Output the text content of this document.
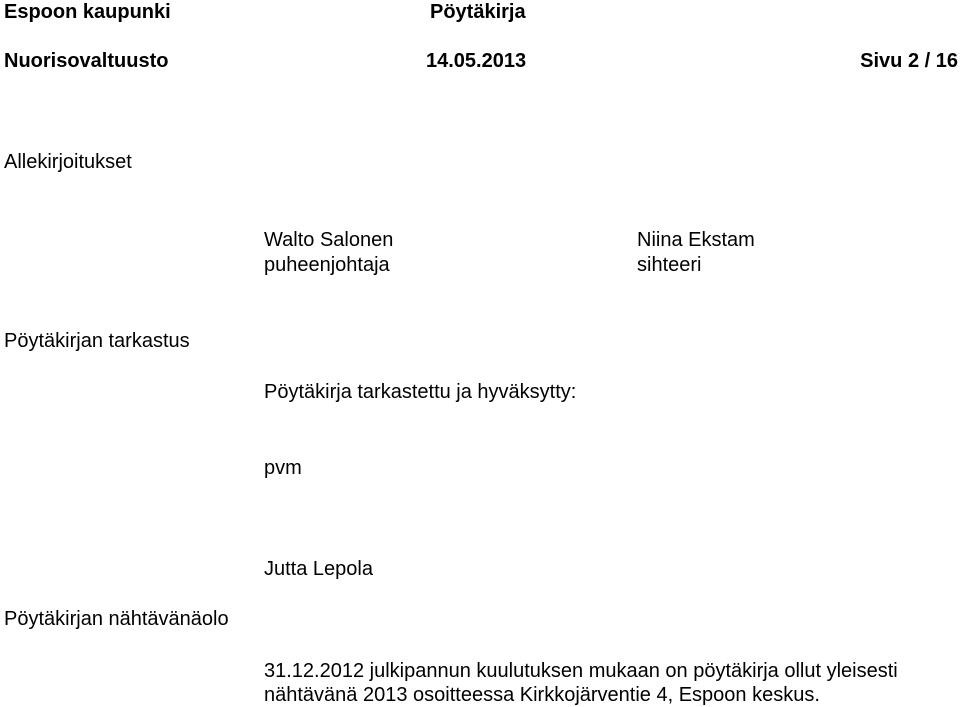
Espoon kaupunki	Pöytäkirja
Nuorisovaltuusto	14.05.2013	Sivu 2 / 16
Allekirjoitukset
Walto Salonen
puheenjohtaja
Niina Ekstam
sihteeri
Pöytäkirjan tarkastus
Pöytäkirja tarkastettu ja hyväksytty:
pvm
Jutta Lepola
Pöytäkirjan nähtävänäolo
31.12.2012 julkipannun kuulutuksen mukaan on pöytäkirja ollut yleisesti
nähtävänä 2013 osoitteessa Kirkkojärventie 4, Espoon keskus.
